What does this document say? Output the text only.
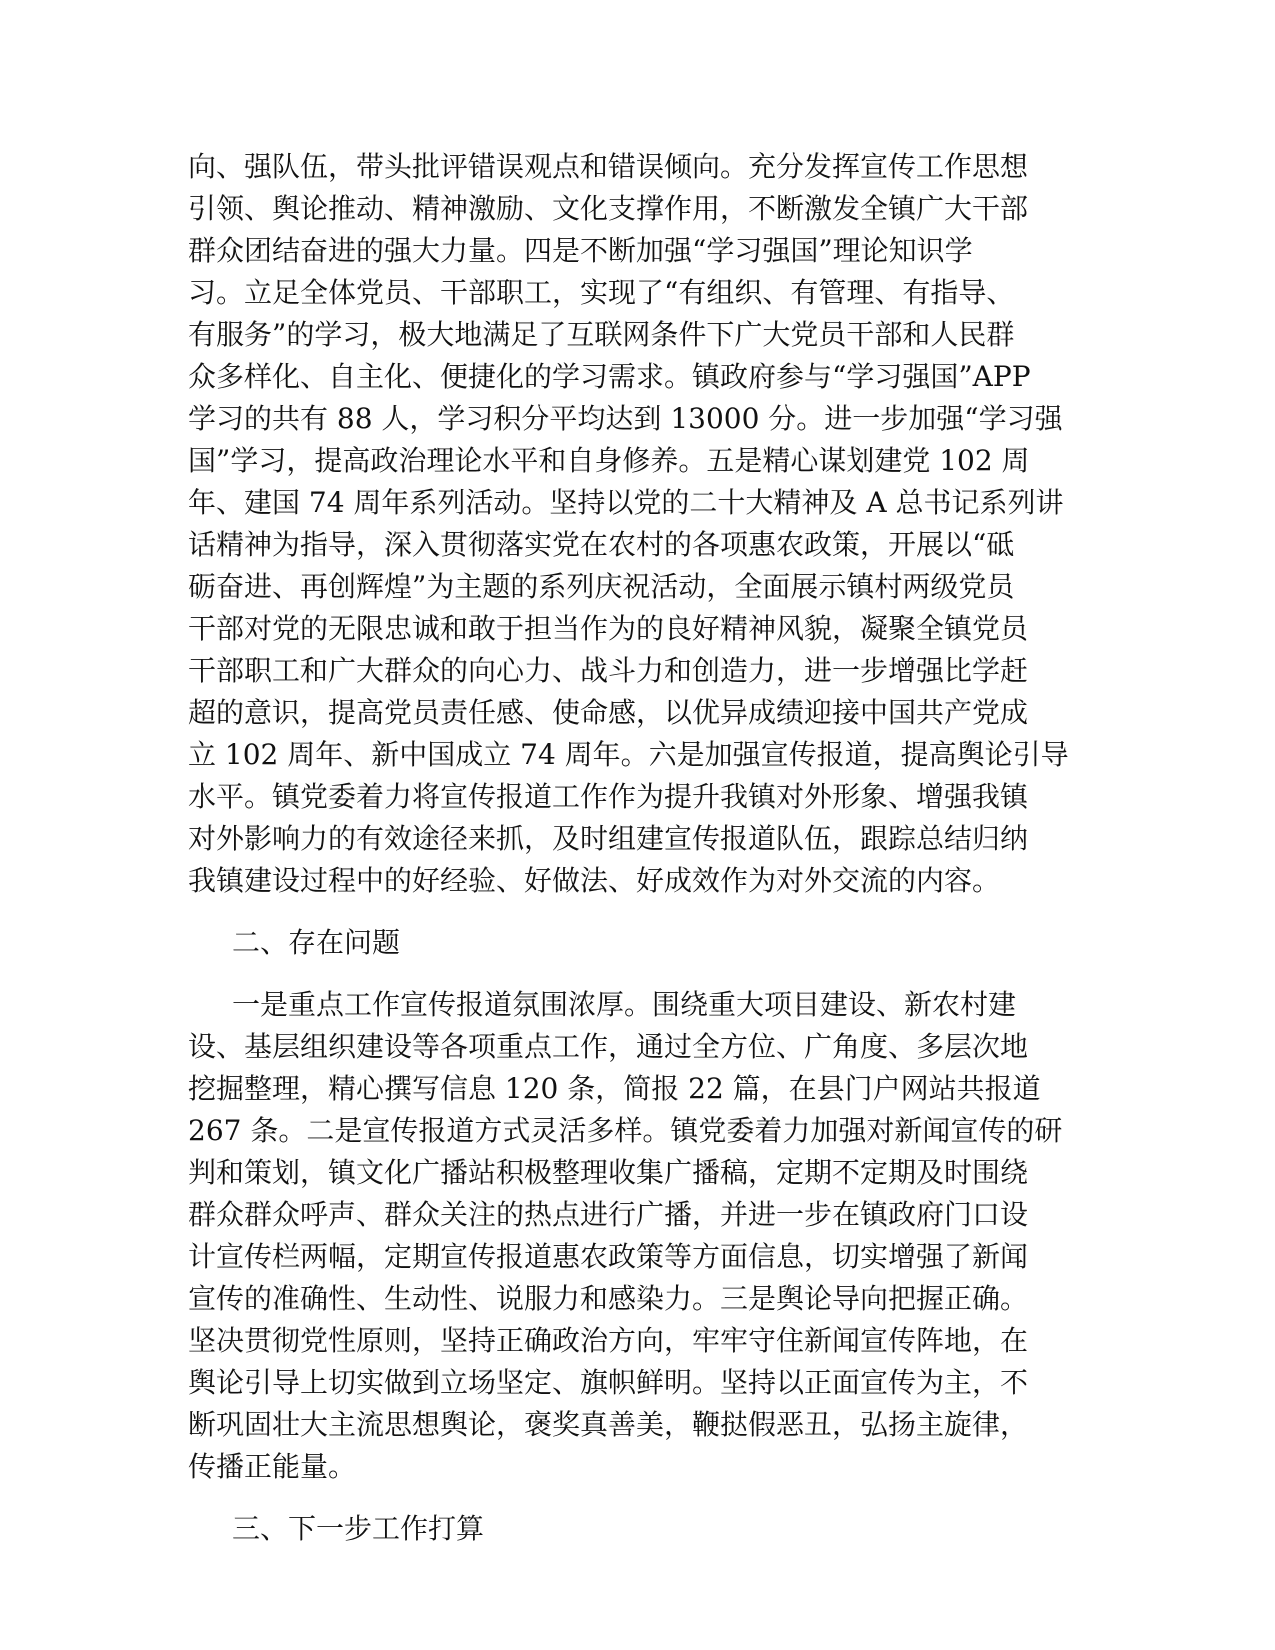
向、强队伍，带头批评错误观点和错误倾向。充分发挥宣传工作思想
引领、舆论推动、精神激励、文化支撑作用，不断激发全镇广大干部
群众团结奋进的强大力量。四是不断加强“学习强国”理论知识学
习。立足全体党员、干部职工，实现了“有组织、有管理、有指导、
有服务”的学习，极大地满足了互联网条件下广大党员干部和人民群
众多样化、自主化、便捷化的学习需求。镇政府参与“学习强国”APP
学习的共有 88 人，学习积分平均达到 13000 分。进一步加强“学习强
国”学习，提高政治理论水平和自身修养。五是精心谋划建党 102 周
年、建国 74 周年系列活动。坚持以党的二十大精神及 A 总书记系列讲
话精神为指导，深入贯彻落实党在农村的各项惠农政策，开展以“砥
砺奋进、再创辉煌”为主题的系列庆祝活动，全面展示镇村两级党员
干部对党的无限忠诚和敢于担当作为的良好精神风貌，凝聚全镇党员
干部职工和广大群众的向心力、战斗力和创造力，进一步增强比学赶
超的意识，提高党员责任感、使命感，以优异成绩迎接中国共产党成
立 102 周年、新中国成立 74 周年。六是加强宣传报道，提高舆论引导
水平。镇党委着力将宣传报道工作作为提升我镇对外形象、增强我镇
对外影响力的有效途径来抓，及时组建宣传报道队伍，跟踪总结归纳
我镇建设过程中的好经验、好做法、好成效作为对外交流的内容。
二、存在问题
一是重点工作宣传报道氛围浓厚。围绕重大项目建设、新农村建
设、基层组织建设等各项重点工作，通过全方位、广角度、多层次地
挖掘整理，精心撰写信息 120 条，简报 22 篇，在县门户网站共报道
267 条。二是宣传报道方式灵活多样。镇党委着力加强对新闻宣传的研
判和策划，镇文化广播站积极整理收集广播稿，定期不定期及时围绕
群众群众呼声、群众关注的热点进行广播，并进一步在镇政府门口设
计宣传栏两幅，定期宣传报道惠农政策等方面信息，切实增强了新闻
宣传的准确性、生动性、说服力和感染力。三是舆论导向把握正确。
坚决贯彻党性原则，坚持正确政治方向，牢牢守住新闻宣传阵地，在
舆论引导上切实做到立场坚定、旗帜鲜明。坚持以正面宣传为主，不
断巩固壮大主流思想舆论，褒奖真善美，鞭挞假恶丑，弘扬主旋律，
传播正能量。
三、下一步工作打算
